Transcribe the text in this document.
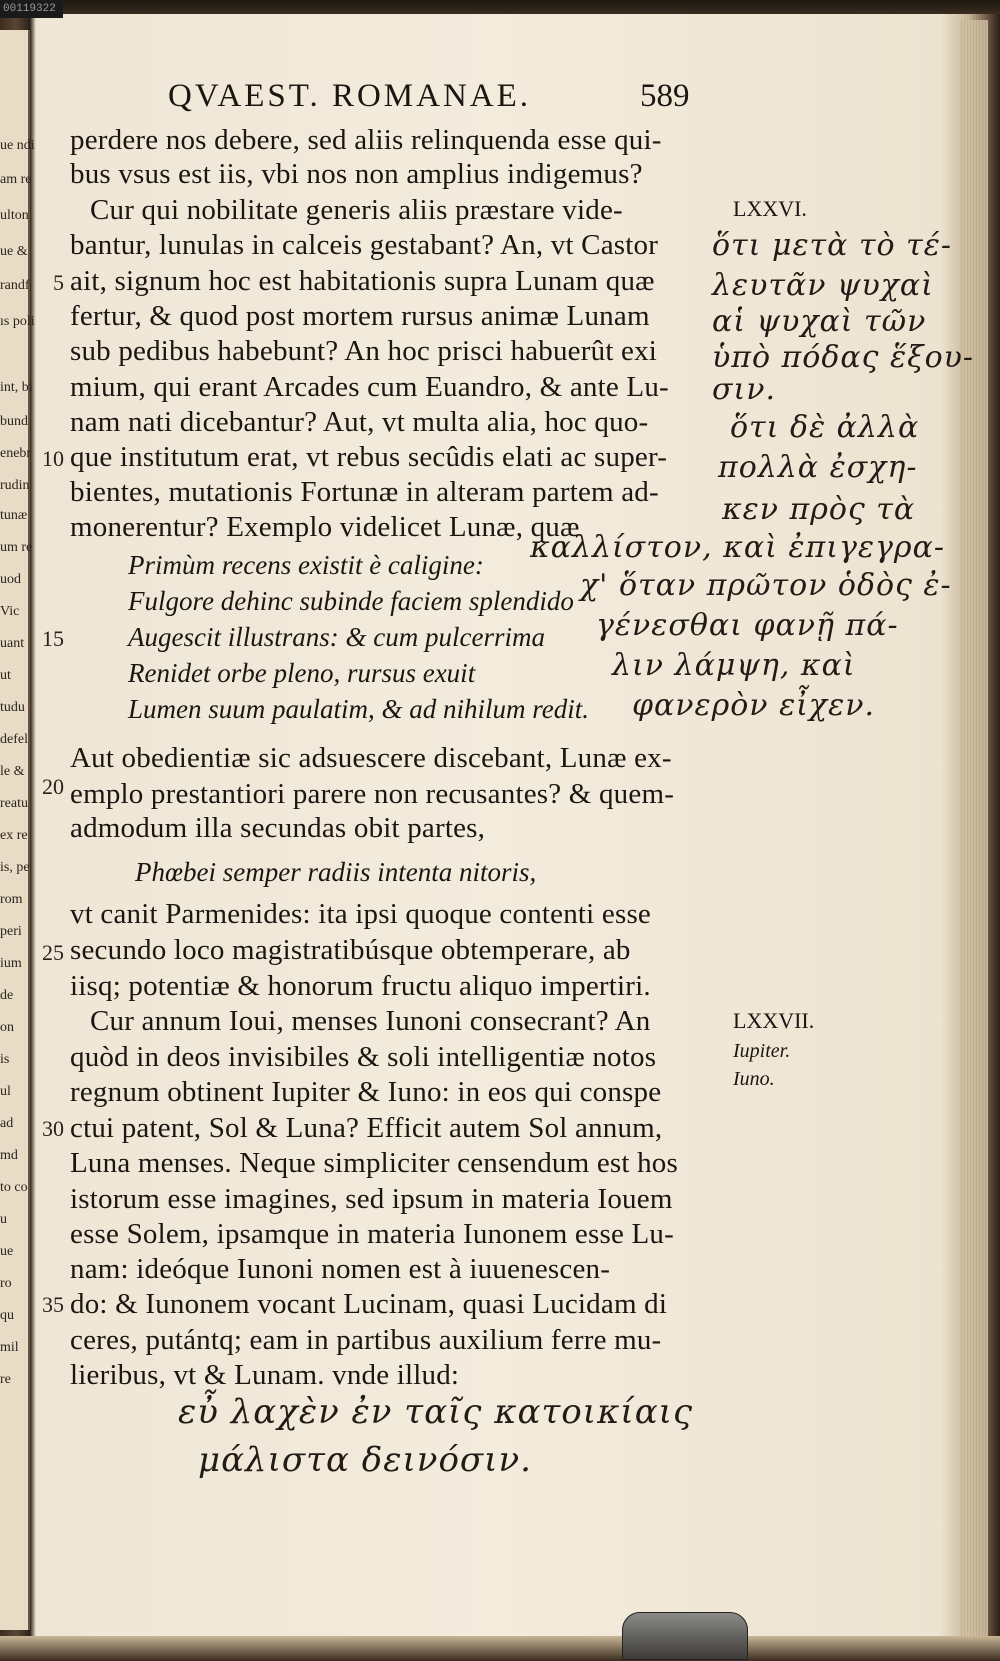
00119322
QVAEST. ROMANAE.	589
perdere nos debere, sed aliis relinquenda esse qui-
bus vsus est iis, vbi nos non amplius indigemus?
Cur qui nobilitate generis aliis præstare vide-
bantur, lunulas in calceis gestabant? An, vt Castor
ait, signum hoc est habitationis supra Lunam quæ
fertur, & quod post mortem rursus animæ Lunam
sub pedibus habebunt? An hoc prisci habuerût exi
mium, qui erant Arcades cum Euandro, & ante Lu-
nam nati dicebantur? Aut, vt multa alia, hoc quo-
que institutum erat, vt rebus secûdis elati ac super-
bientes, mutationis Fortunæ in alteram partem ad-
monerentur? Exemplo videlicet Lunæ, quæ
Primùm recens existit è caligine:
Fulgore dehinc subinde faciem splendido
Augescit illustrans: & cum pulcerrima
Renidet orbe pleno, rursus exuit
Lumen suum paulatim, & ad nihilum redit.
Aut obedientiæ sic adsuescere discebant, Lunæ ex-
emplo prestantiori parere non recusantes? & quem-
admodum illa secundas obit partes,
Phœbei semper radiis intenta nitoris,
vt canit Parmenides: ita ipsi quoque contenti esse
secundo loco magistratibúsque obtemperare, ab
iisq; potentiæ & honorum fructu aliquo impertiri.
Cur annum Ioui, menses Iunoni consecrant? An
quòd in deos invisibiles & soli intelligentiæ notos
regnum obtinent Iupiter & Iuno: in eos qui conspe
ctui patent, Sol & Luna? Efficit autem Sol annum,
Luna menses. Neque simpliciter censendum est hos
istorum esse imagines, sed ipsum in materia Iouem
esse Solem, ipsamque in materia Iunonem esse Lu-
nam: ideóque Iunoni nomen est à iuuenescen-
do: & Iunonem vocant Lucinam, quasi Lucidam di
ceres, putántq; eam in partibus auxilium ferre mu-
lieribus, vt & Lunam. vnde illud:
5
10
15
20
25
30
35
LXXVI.
LXXVII.
Iupiter.
Iuno.
ὅτι μετὰ τὸ τέ-
λευτᾶν ψυχαὶ
αἱ ψυχαὶ τῶν
ὑπὸ πόδας ἕξου-
σιν.
ὅτι δὲ ἀλλὰ
πολλὰ ἐσχη-
κεν πρὸς τὰ
καλλίστον, καὶ ἐπιγεγρα-
χ' ὅταν πρῶτον ὁδὸς ἐ-
γένεσθαι φανῇ πά-
λιν λάμψη, καὶ
φανερὸν εἶχεν.
εὖ λαχὲν ἐν ταῖς κατοικίαις
μάλιστα δεινόσιν.
ue ndi
am re
ulton
ue &
randf
ıs poli
int, bi
bund
enebr
rudin
tunæ
um re
uod
Vic
uant
ut
tudu
defel
le &
reatu
ex re
is, pe
rom
peri
ium
de
on
is
ul
ad
md
to co
u
ue
ro
qu
mil
re
